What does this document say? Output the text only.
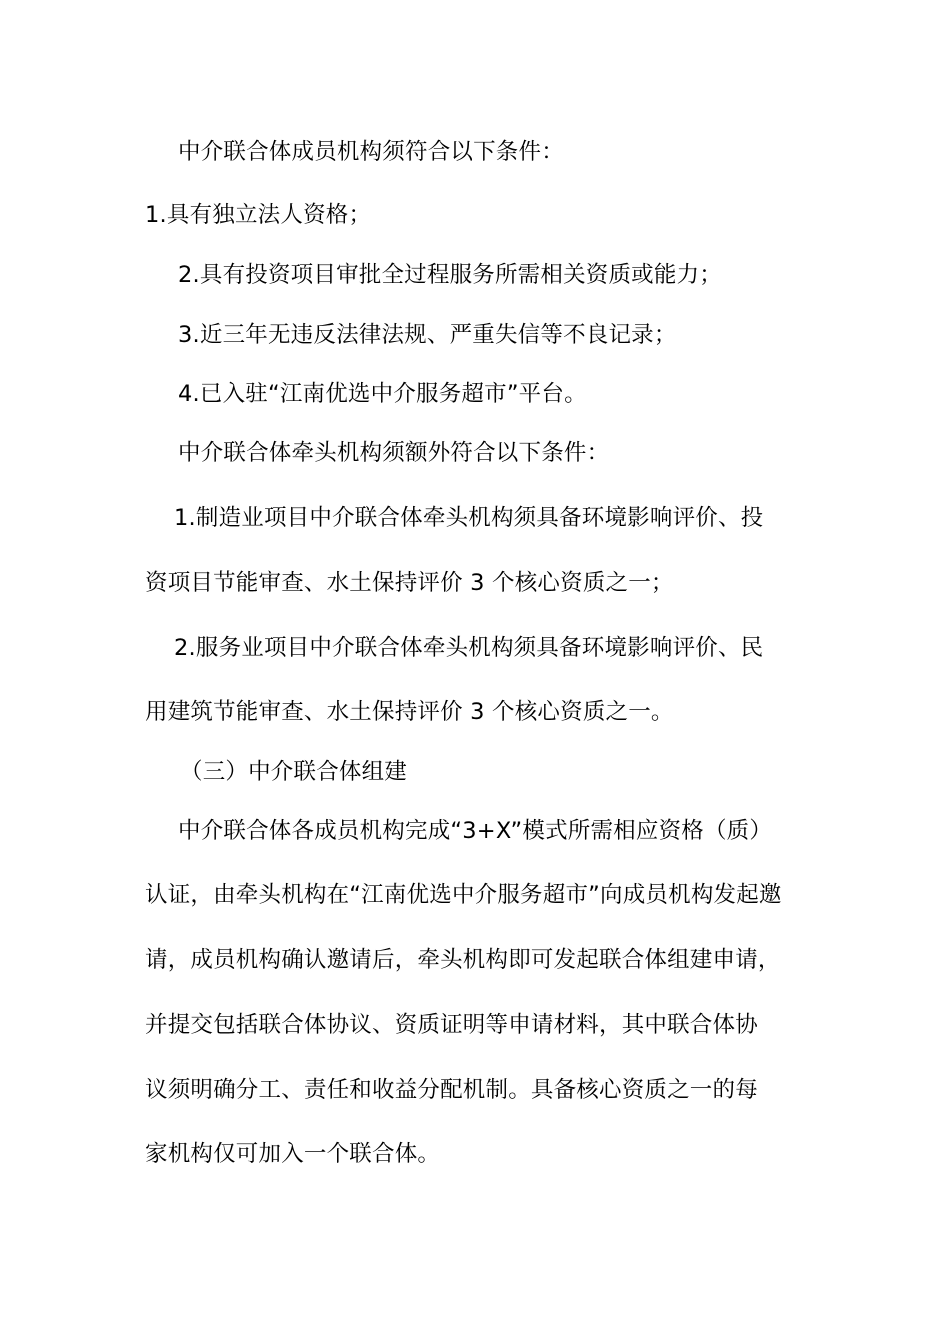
中介联合体成员机构须符合以下条件：

1.具有独立法人资格；

2.具有投资项目审批全过程服务所需相关资质或能力；

3.近三年无违反法律法规、严重失信等不良记录；

4.已入驻“江南优选中介服务超市”平台。

中介联合体牵头机构须额外符合以下条件：

1.制造业项目中介联合体牵头机构须具备环境影响评价、投

资项目节能审查、水土保持评价 3 个核心资质之一；

2.服务业项目中介联合体牵头机构须具备环境影响评价、民

用建筑节能审查、水土保持评价 3 个核心资质之一。

（三）中介联合体组建

中介联合体各成员机构完成“3+X”模式所需相应资格（质）

认证，由牵头机构在“江南优选中介服务超市”向成员机构发起邀

请，成员机构确认邀请后，牵头机构即可发起联合体组建申请，

并提交包括联合体协议、资质证明等申请材料，其中联合体协

议须明确分工、责任和收益分配机制。具备核心资质之一的每

家机构仅可加入一个联合体。
